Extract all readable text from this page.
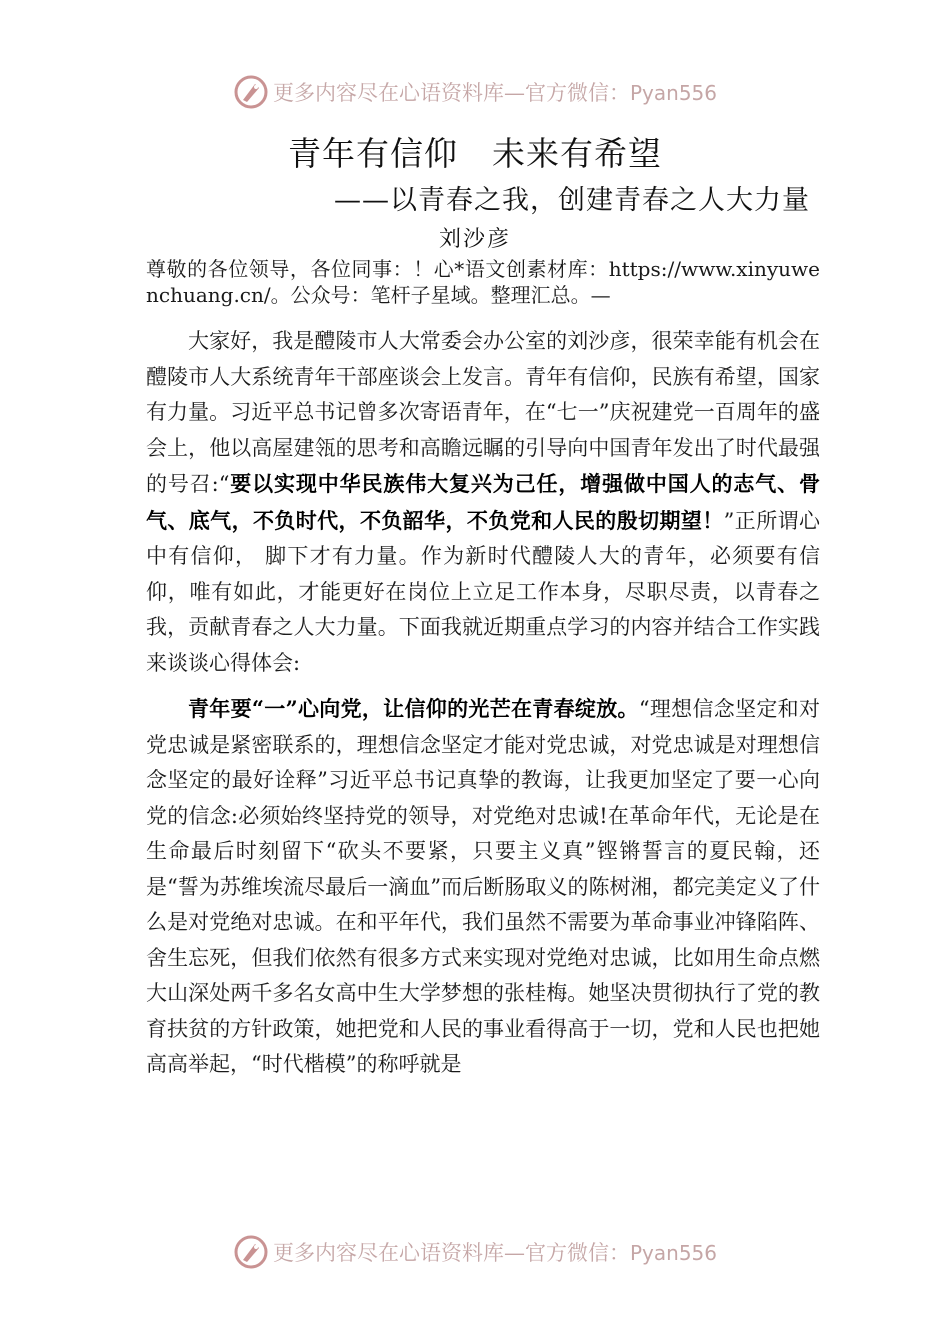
更多内容尽在心语资料库—官方微信：Pyan556
青年有信仰　未来有希望
——以青春之我，创建青春之人大力量
刘沙彦

尊敬的各位领导，各位同事：！心*语文创素材库：https://www.xinyuwenchuang.cn/。公众号：笔杆子星域。整理汇总。—

大家好，我是醴陵市人大常委会办公室的刘沙彦，很荣幸能有机会在醴陵市人大系统青年干部座谈会上发言。青年有信仰，民族有希望，国家有力量。习近平总书记曾多次寄语青年，在“七一”庆祝建党一百周年的盛会上，他以高屋建瓴的思考和高瞻远瞩的引导向中国青年发出了时代最强的号召:“要以实现中华民族伟大复兴为己任，增强做中国人的志气、骨气、底气，不负时代，不负韶华，不负党和人民的殷切期望！”正所谓心中有信仰， 脚下才有力量。作为新时代醴陵人大的青年，必须要有信仰，唯有如此，才能更好在岗位上立足工作本身，尽职尽责，以青春之我，贡献青春之人大力量。下面我就近期重点学习的内容并结合工作实践来谈谈心得体会:

青年要“一”心向党，让信仰的光芒在青春绽放。“理想信念坚定和对党忠诚是紧密联系的，理想信念坚定才能对党忠诚，对党忠诚是对理想信念坚定的最好诠释”习近平总书记真挚的教诲，让我更加坚定了要一心向党的信念:必须始终坚持党的领导，对党绝对忠诚!在革命年代，无论是在生命最后时刻留下“砍头不要紧，只要主义真”铿锵誓言的夏民翰，还是“誓为苏维埃流尽最后一滴血”而后断肠取义的陈树湘，都完美定义了什么是对党绝对忠诚。在和平年代，我们虽然不需要为革命事业冲锋陷阵、舍生忘死，但我们依然有很多方式来实现对党绝对忠诚，比如用生命点燃大山深处两千多名女高中生大学梦想的张桂梅。她坚决贯彻执行了党的教育扶贫的方针政策，她把党和人民的事业看得高于一切，党和人民也把她高高举起，“时代楷模”的称呼就是

更多内容尽在心语资料库—官方微信：Pyan556
